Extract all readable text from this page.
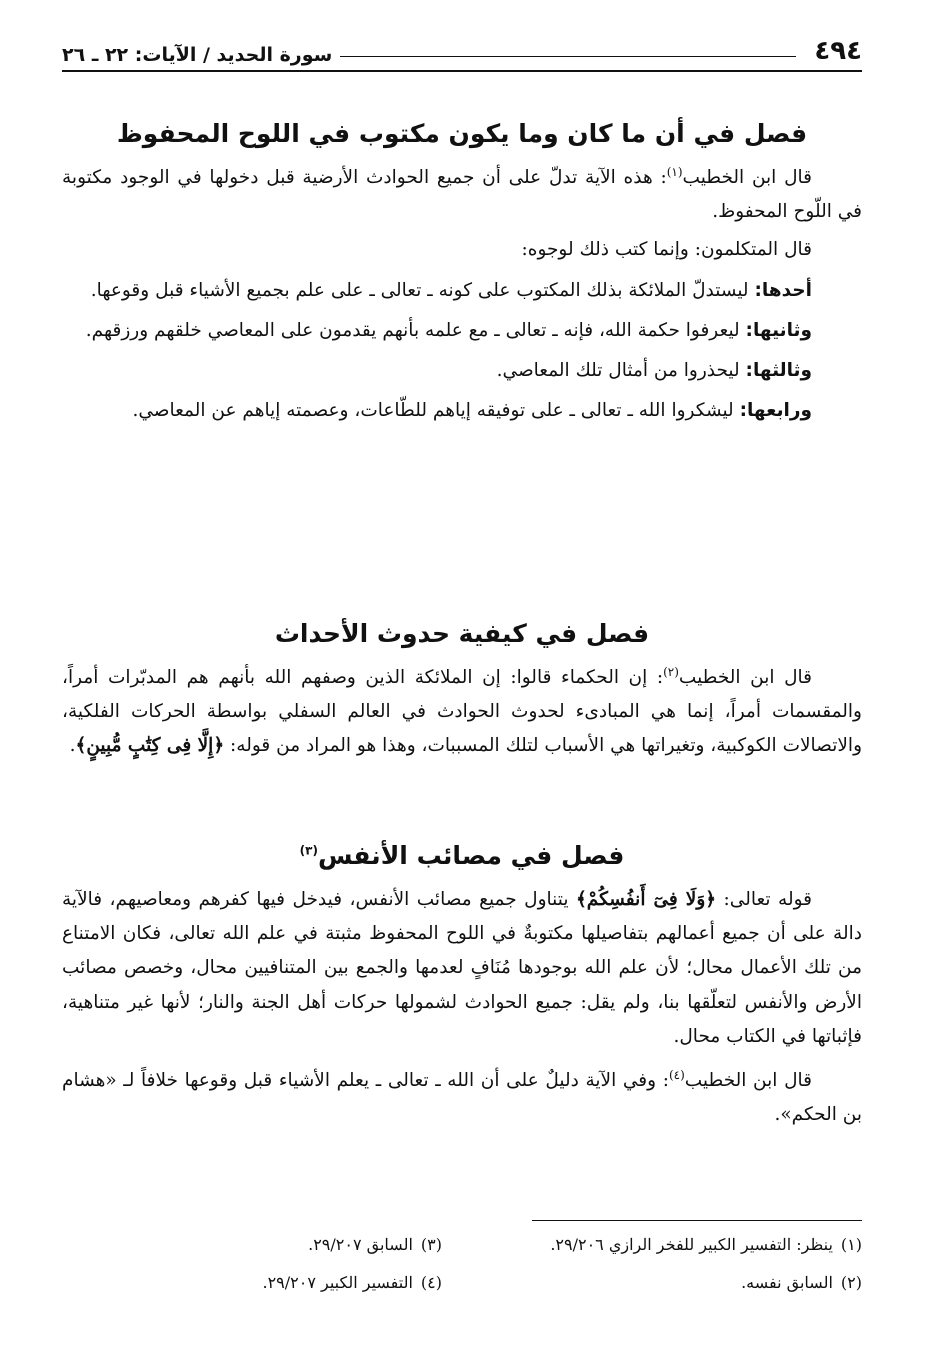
٤٩٤
سورة الحديد / الآيات: ٢٢ ـ ٢٦
فصل في أن ما كان وما يكون مكتوب في اللوح المحفوظ

قال ابن الخطيب$^{(١)}$: هذه الآية تدلّ على أن جميع الحوادث الأرضية قبل دخولها في الوجود مكتوبة في اللّوح المحفوظ.

قال المتكلمون: وإنما كتب ذلك لوجوه:

أحدها: ليستدلّ الملائكة بذلك المكتوب على كونه ـ تعالى ـ على علم بجميع الأشياء قبل وقوعها.

وثانيها: ليعرفوا حكمة الله، فإنه ـ تعالى ـ مع علمه بأنهم يقدمون على المعاصي خلقهم ورزقهم.

وثالثها: ليحذروا من أمثال تلك المعاصي.

ورابعها: ليشكروا الله ـ تعالى ـ على توفيقه إياهم للطّاعات، وعصمته إياهم عن المعاصي.

فصل في كيفية حدوث الأحداث

قال ابن الخطيب$^{(٢)}$: إن الحكماء قالوا: إن الملائكة الذين وصفهم الله بأنهم هم المدبّرات أمراً، والمقسمات أمراً، إنما هي المبادىء لحدوث الحوادث في العالم السفلي بواسطة الحركات الفلكية، والاتصالات الكوكبية، وتغيراتها هي الأسباب لتلك المسببات، وهذا هو المراد من قوله: ﴿إِلَّا فِى كِتَٰبٍ مُّبِينٍ﴾.

فصل في مصائب الأنفس$^{(٣)}$

قوله تعالى: ﴿وَلَا فِىٓ أَنفُسِكُمْ﴾ يتناول جميع مصائب الأنفس، فيدخل فيها كفرهم ومعاصيهم، فالآية دالة على أن جميع أعمالهم بتفاصيلها مكتوبةٌ في اللوح المحفوظ مثبتة في علم الله تعالى، فكان الامتناع من تلك الأعمال محال؛ لأن علم الله بوجودها مُنَافٍ لعدمها والجمع بين المتنافيين محال، وخصص مصائب الأرض والأنفس لتعلّقها بنا، ولم يقل: جميع الحوادث لشمولها حركات أهل الجنة والنار؛ لأنها غير متناهية، فإثباتها في الكتاب محال.

قال ابن الخطيب$^{(٤)}$: وفي الآية دليلٌ على أن الله ـ تعالى ـ يعلم الأشياء قبل وقوعها خلافاً لـ «هشام بن الحكم».

(١)ينظر: التفسير الكبير للفخر الرازي ٢٩/٢٠٦.
(٣)السابق ٢٩/٢٠٧.
(٢)السابق نفسه.
(٤)التفسير الكبير ٢٩/٢٠٧.
